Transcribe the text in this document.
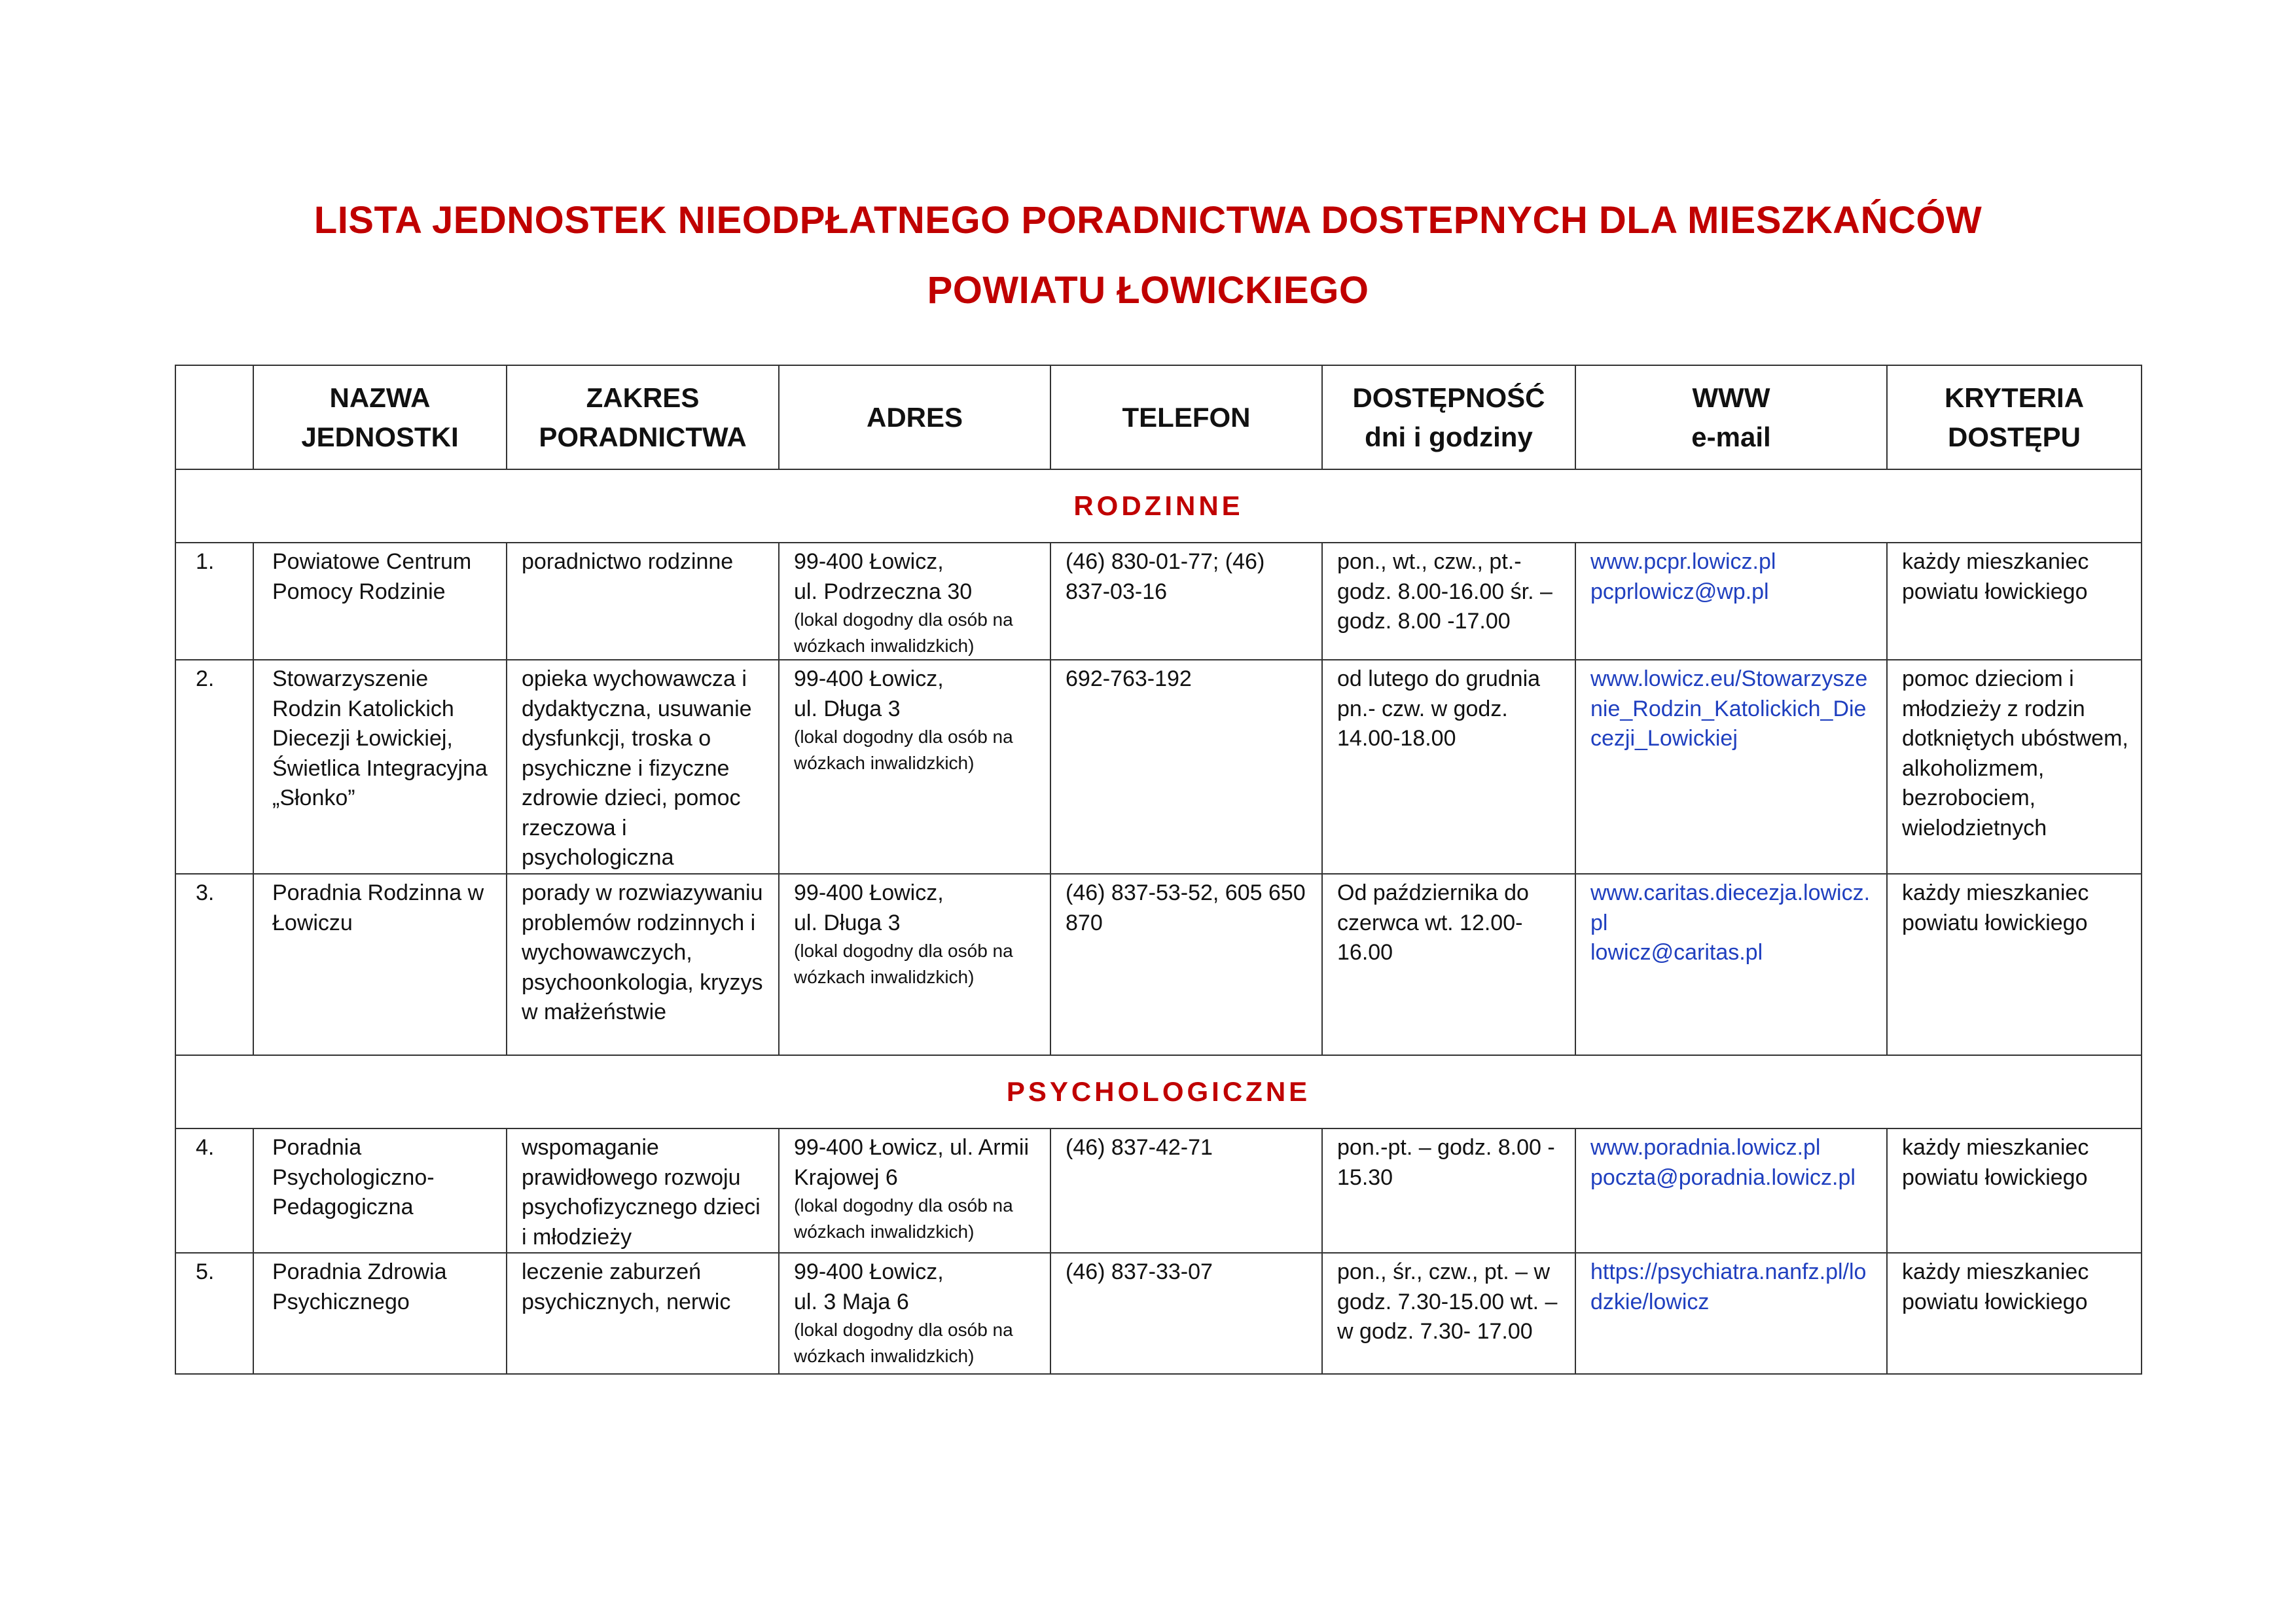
LISTA JEDNOSTEK NIEODPŁATNEGO PORADNICTWA DOSTEPNYCH DLA MIESZKAŃCÓW
POWIATU ŁOWICKIEGO

	NAZWA
JEDNOSTKI	ZAKRES
PORADNICTWA	ADRES	TELEFON	DOSTĘPNOŚĆ
dni i godziny	WWW
e-mail	KRYTERIA
DOSTĘPU

RODZINNE							

1.	Powiatowe Centrum Pomocy Rodzinie	poradnictwo rodzinne	99-400 Łowicz,
ul. Podrzeczna 30
(lokal dogodny dla osób na wózkach inwalidzkich)	(46) 830-01-77; (46) 837-03-16	pon., wt., czw., pt.- godz. 8.00-16.00 śr. – godz. 8.00 -17.00	www.pcpr.lowicz.pl
pcprlowicz@wp.pl	każdy mieszkaniec powiatu łowickiego

2.	Stowarzyszenie Rodzin Katolickich Diecezji Łowickiej, Świetlica Integracyjna „Słonko”	opieka wychowawcza i dydaktyczna, usuwanie dysfunkcji, troska o psychiczne i fizyczne zdrowie dzieci, pomoc rzeczowa i psychologiczna	99-400 Łowicz,
ul. Długa 3
(lokal dogodny dla osób na wózkach inwalidzkich)	692-763-192	od lutego do grudnia pn.- czw. w godz. 14.00-18.00	www.lowicz.eu/Stowarzyszenie_Rodzin_Katolickich_Diecezji_Lowickiej	pomoc dzieciom i młodzieży z rodzin dotkniętych ubóstwem, alkoholizmem, bezrobociem, wielodzietnych

3.	Poradnia Rodzinna w Łowiczu	porady w rozwiazywaniu problemów rodzinnych i wychowawczych, psychoonkologia, kryzys w małżeństwie	99-400 Łowicz,
ul. Długa 3
(lokal dogodny dla osób na wózkach inwalidzkich)	(46) 837-53-52, 605 650 870	Od października do czerwca wt. 12.00-16.00	www.caritas.diecezja.lowicz.pl
lowicz@caritas.pl	każdy mieszkaniec powiatu łowickiego

PSYCHOLOGICZNE							

4.	Poradnia Psychologiczno- Pedagogiczna	wspomaganie prawidłowego rozwoju psychofizycznego dzieci i młodzieży	99-400 Łowicz, ul. Armii
Krajowej 6
(lokal dogodny dla osób na wózkach inwalidzkich)	(46) 837-42-71	pon.-pt. – godz. 8.00 - 15.30	www.poradnia.lowicz.pl
poczta@poradnia.lowicz.pl	każdy mieszkaniec powiatu łowickiego

5.	Poradnia Zdrowia Psychicznego	leczenie zaburzeń psychicznych, nerwic	99-400 Łowicz,
ul. 3 Maja 6
(lokal dogodny dla osób na wózkach inwalidzkich)	(46) 837-33-07	pon., śr., czw., pt. – w godz. 7.30-15.00 wt. – w godz. 7.30- 17.00	https://psychiatra.nanfz.pl/lodzkie/lowicz	każdy mieszkaniec powiatu łowickiego
